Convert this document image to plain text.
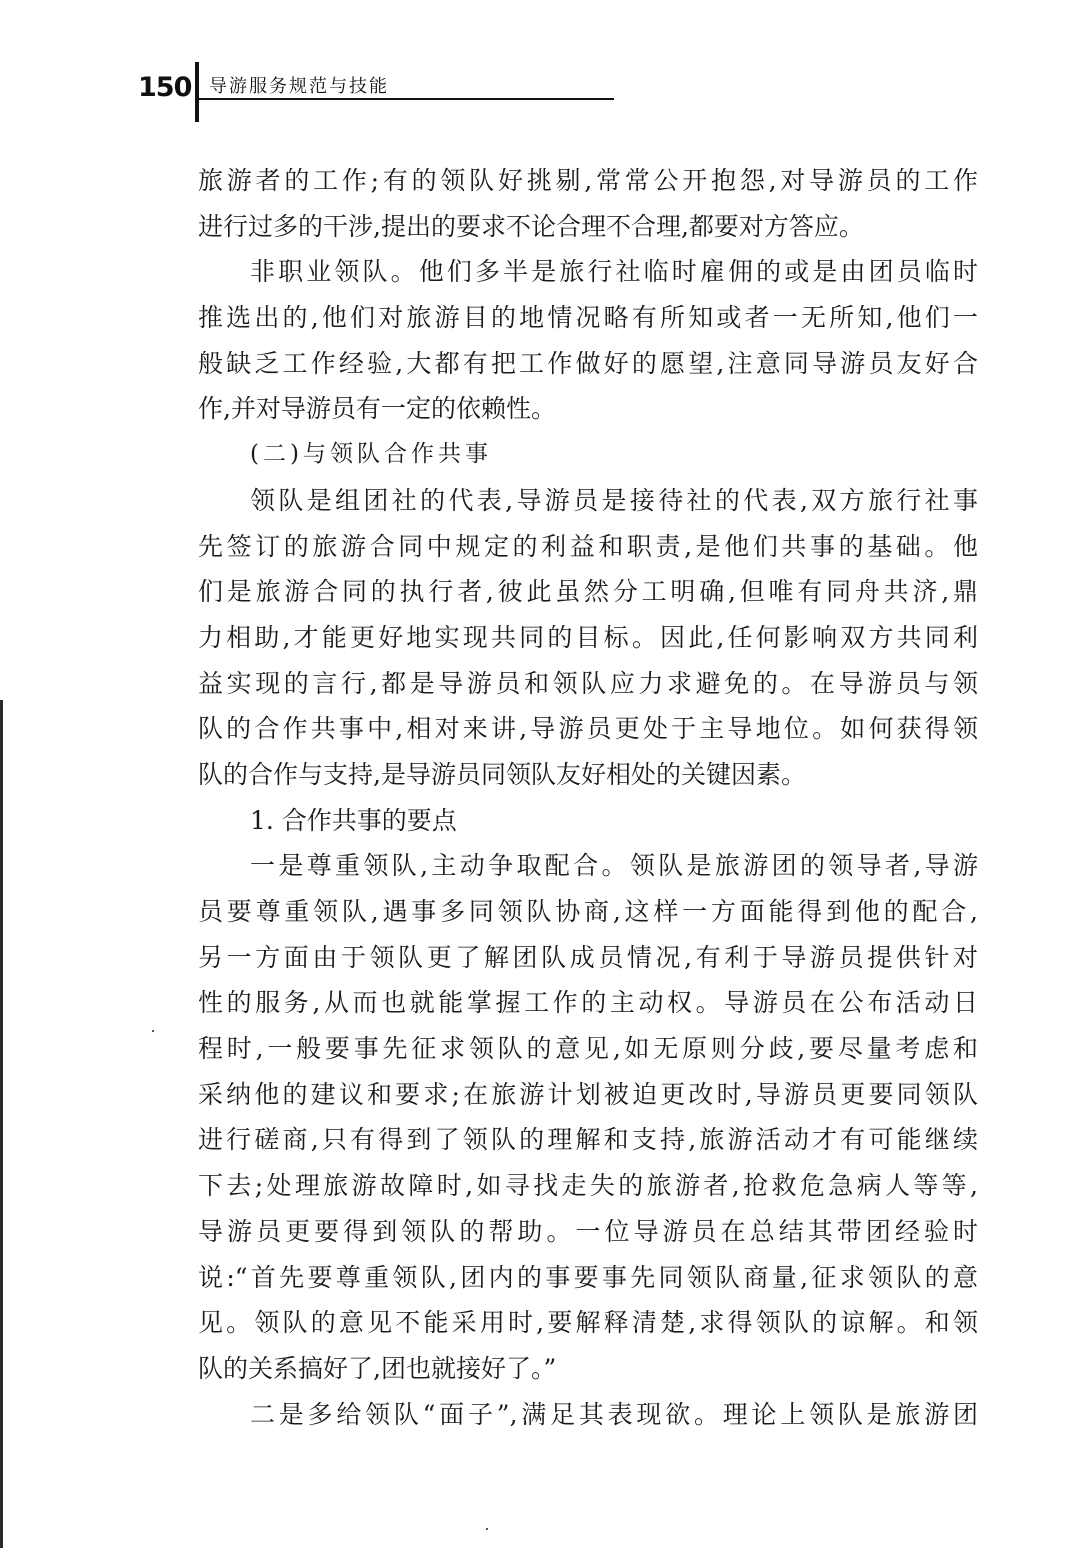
150 导游服务规范与技能
旅游者的工作;有的领队好挑剔,常常公开抱怨,对导游员的工作
进行过多的干涉,提出的要求不论合理不合理,都要对方答应。
非职业领队。他们多半是旅行社临时雇佣的或是由团员临时
推选出的,他们对旅游目的地情况略有所知或者一无所知,他们一
般缺乏工作经验,大都有把工作做好的愿望,注意同导游员友好合
作,并对导游员有一定的依赖性。
(二)与领队合作共事
领队是组团社的代表,导游员是接待社的代表,双方旅行社事
先签订的旅游合同中规定的利益和职责,是他们共事的基础。他
们是旅游合同的执行者,彼此虽然分工明确,但唯有同舟共济,鼎
力相助,才能更好地实现共同的目标。因此,任何影响双方共同利
益实现的言行,都是导游员和领队应力求避免的。在导游员与领
队的合作共事中,相对来讲,导游员更处于主导地位。如何获得领
队的合作与支持,是导游员同领队友好相处的关键因素。
1. 合作共事的要点
一是尊重领队,主动争取配合。领队是旅游团的领导者,导游
员要尊重领队,遇事多同领队协商,这样一方面能得到他的配合,
另一方面由于领队更了解团队成员情况,有利于导游员提供针对
性的服务,从而也就能掌握工作的主动权。导游员在公布活动日
程时,一般要事先征求领队的意见,如无原则分歧,要尽量考虑和
采纳他的建议和要求;在旅游计划被迫更改时,导游员更要同领队
进行磋商,只有得到了领队的理解和支持,旅游活动才有可能继续
下去;处理旅游故障时,如寻找走失的旅游者,抢救危急病人等等,
导游员更要得到领队的帮助。一位导游员在总结其带团经验时
说:“首先要尊重领队,团内的事要事先同领队商量,征求领队的意
见。领队的意见不能采用时,要解释清楚,求得领队的谅解。和领
队的关系搞好了,团也就接好了。”
二是多给领队“面子”,满足其表现欲。理论上领队是旅游团
